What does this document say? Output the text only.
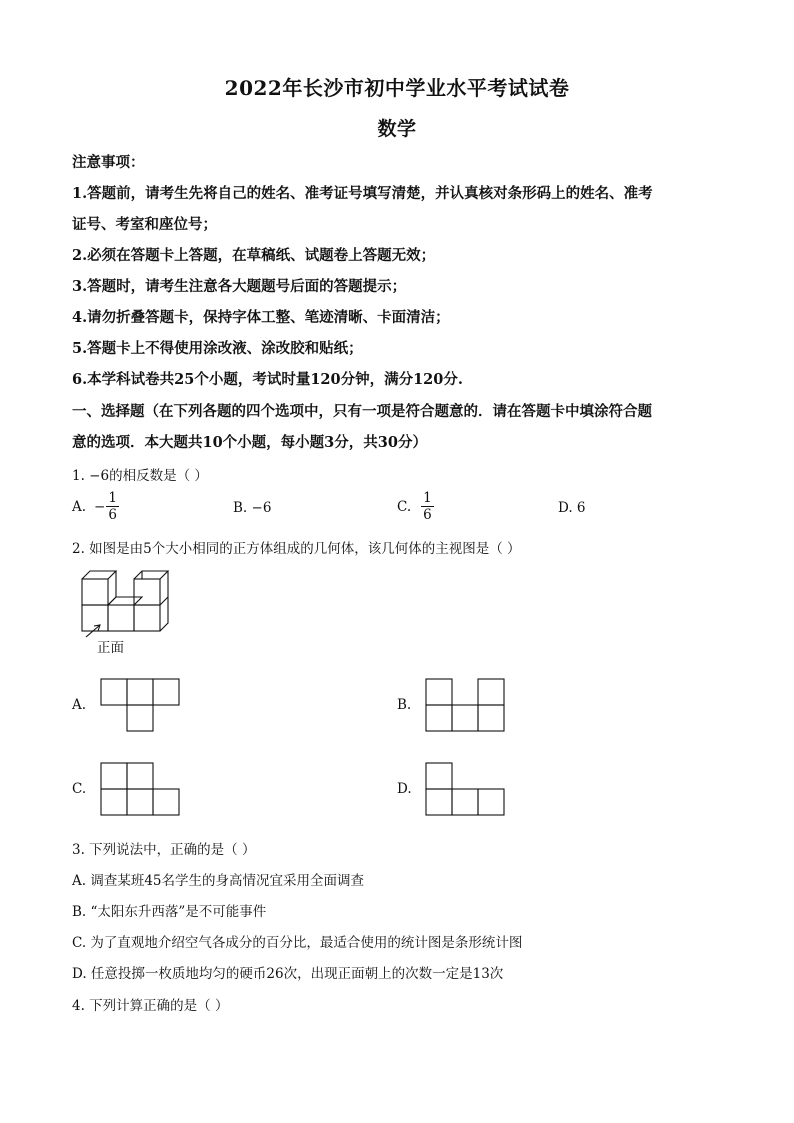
2022年长沙市初中学业水平考试试卷
数学
注意事项：
1.答题前，请考生先将自己的姓名、准考证号填写清楚，并认真核对条形码上的姓名、准考
证号、考室和座位号；
2.必须在答题卡上答题，在草稿纸、试题卷上答题无效；
3.答题时，请考生注意各大题题号后面的答题提示；
4.请勿折叠答题卡，保持字体工整、笔迹清晰、卡面清洁；
5.答题卡上不得使用涂改液、涂改胶和贴纸；
6.本学科试卷共25个小题，考试时量120分钟，满分120分.
一、选择题（在下列各题的四个选项中，只有一项是符合题意的．请在答题卡中填涂符合题
意的选项．本大题共10个小题，每小题3分，共30分）
1. −6的相反数是（ ）
A. − $\frac{1}{6}$	B. −6	C. $\frac{1}{6}$	D. 6
2. 如图是由5个大小相同的正方体组成的几何体，该几何体的主视图是（ ）
正面
A.	B.
C.	D.
3. 下列说法中，正确的是（ ）
A. 调查某班45名学生的身高情况宜采用全面调查
B. “太阳东升西落”是不可能事件
C. 为了直观地介绍空气各成分的百分比，最适合使用的统计图是条形统计图
D. 任意投掷一枚质地均匀的硬币26次，出现正面朝上的次数一定是13次
4. 下列计算正确的是（ ）
